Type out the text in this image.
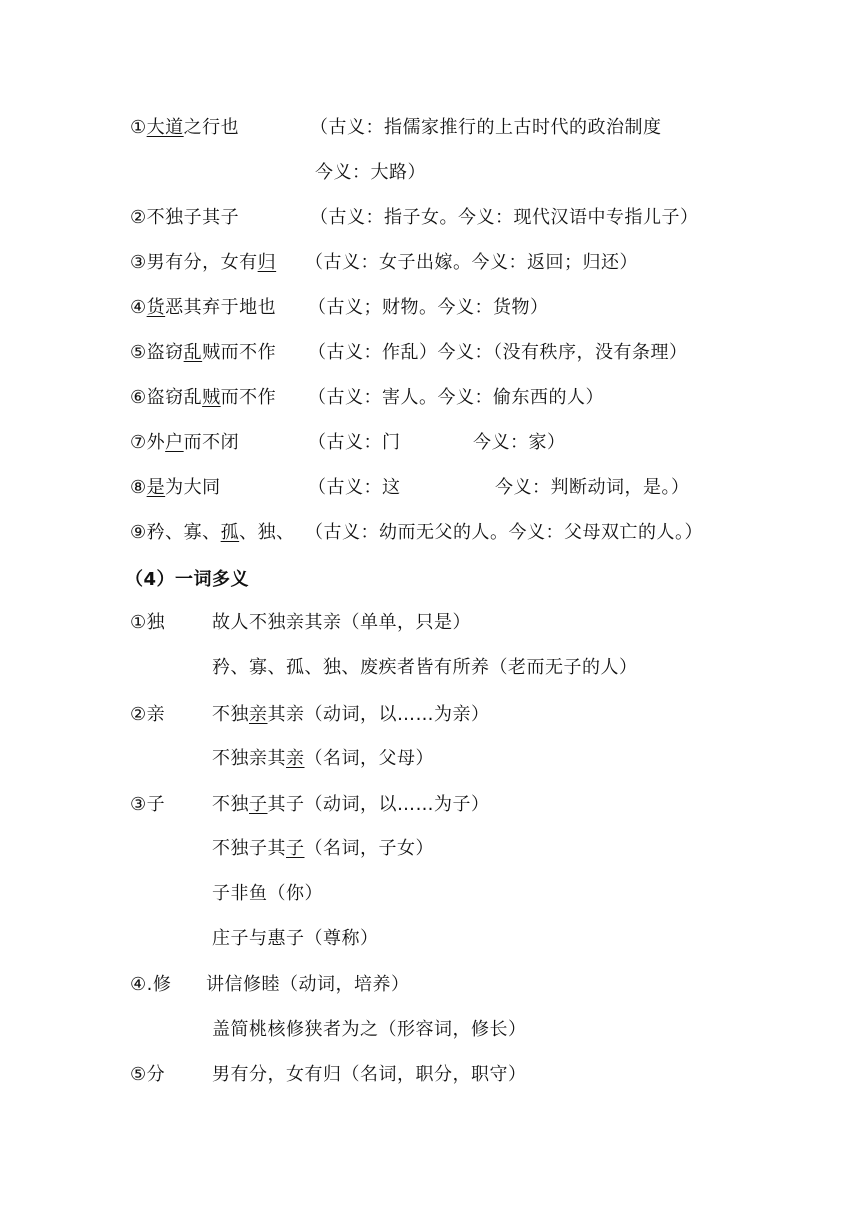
①大道之行也	（古义：指儒家推行的上古时代的政治制度
今义：大路）
②不独子其子	（古义：指子女。今义：现代汉语中专指儿子）
③男有分，女有归 （古义：女子出嫁。今义：返回；归还）
④货恶其弃于地也 （古义；财物。今义：货物）
⑤盗窃乱贼而不作 （古义：作乱）今义：（没有秩序，没有条理）
⑥盗窃乱贼而不作 （古义：害人。今义：偷东西的人）
⑦外户而不闭	（古义：门	今义：家）
⑧是为大同	（古义：这	今义：判断动词，是。）
⑨矜、寡、孤、独、 （古义：幼而无父的人。今义：父母双亡的人。）
（4）一词多义
①独	故人不独亲其亲（单单，只是）
矜、寡、孤、独、废疾者皆有所养（老而无子的人）
②亲	不独亲其亲（动词，以……为亲）
不独亲其亲（名词，父母）
③子	不独子其子（动词，以……为子）
不独子其子（名词，子女）
子非鱼（你）
庄子与惠子（尊称）
④.修 讲信修睦（动词，培养）
盖简桃核修狭者为之（形容词，修长）
⑤分	男有分，女有归（名词，职分，职守）
